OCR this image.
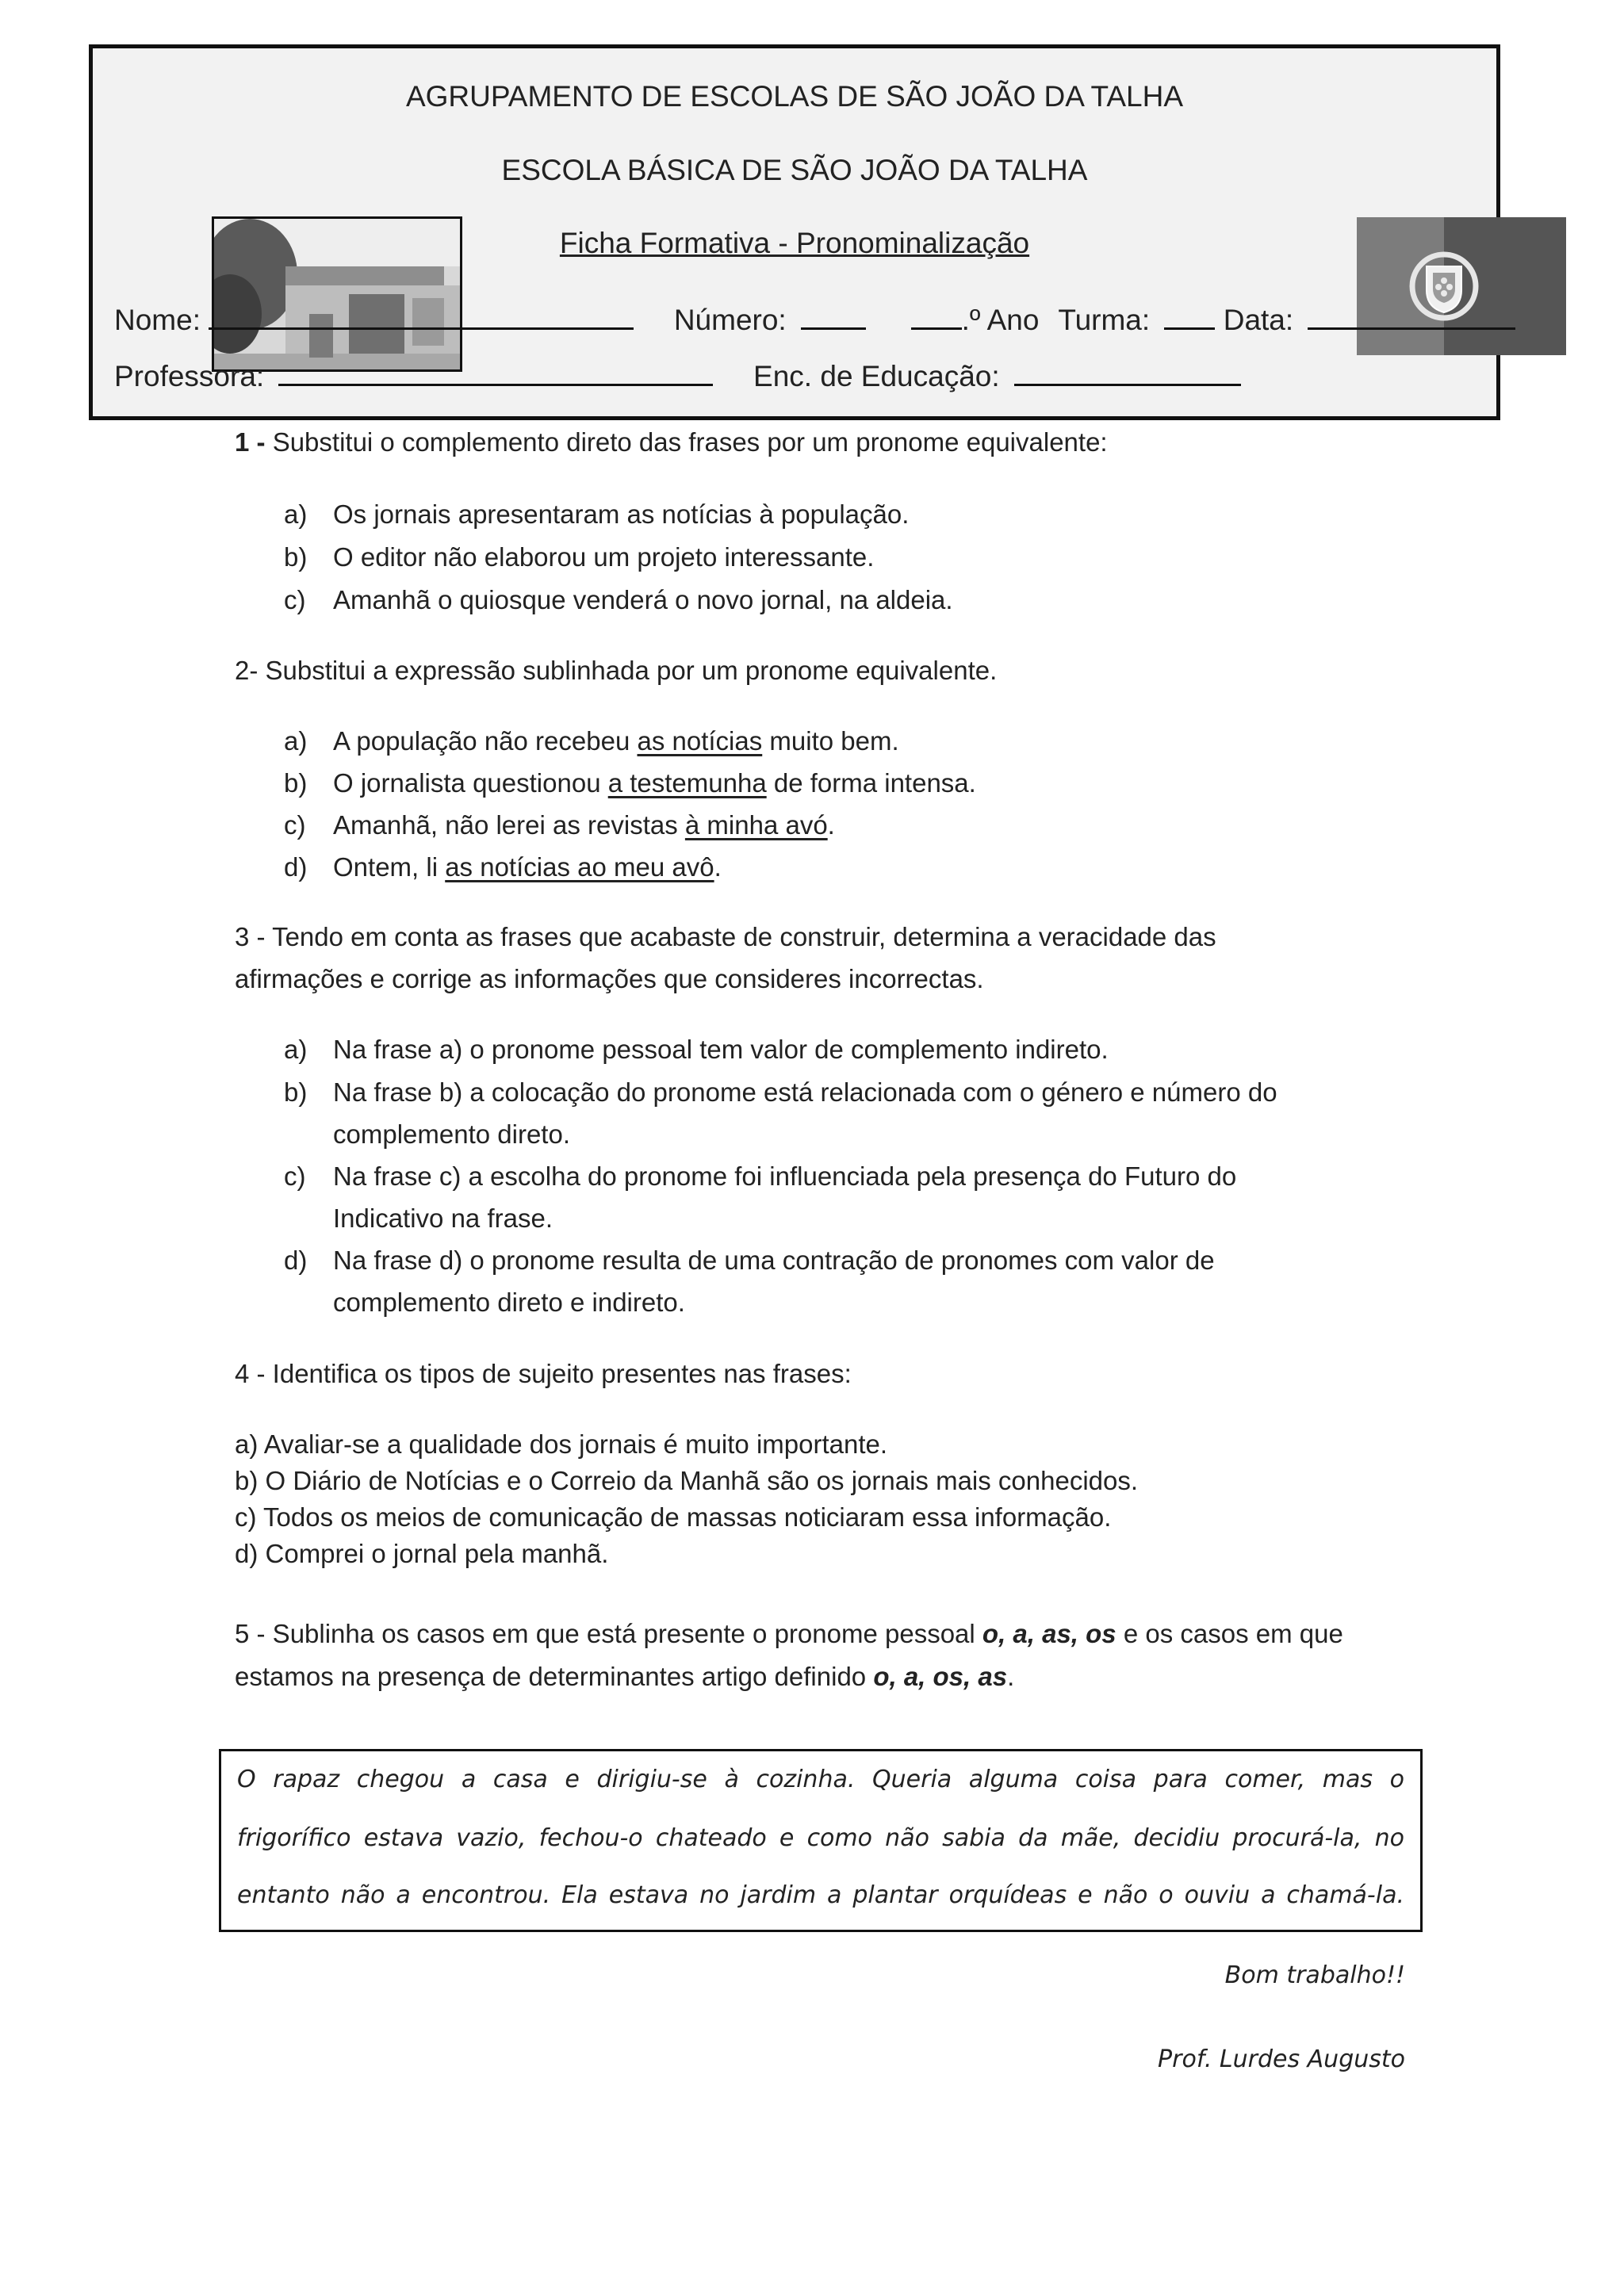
AGRUPAMENTO DE ESCOLAS DE SÃO JOÃO DA TALHA
ESCOLA BÁSICA DE SÃO JOÃO DA TALHA
Ficha Formativa - Pronominalização
Nome:	Número:	.º Ano Turma:	Data:
Professora:	Enc. de Educação:
1 - Substitui o complemento direto das frases por um pronome equivalente:
a) Os jornais apresentaram as notícias à população.
b) O editor não elaborou um projeto interessante.
c) Amanhã o quiosque venderá o novo jornal, na aldeia.
2- Substitui a expressão sublinhada por um pronome equivalente.
a) A população não recebeu as notícias muito bem.
b) O jornalista questionou a testemunha de forma intensa.
c) Amanhã, não lerei as revistas à minha avó.
d) Ontem, li as notícias ao meu avô.
3 - Tendo em conta as frases que acabaste de construir, determina a veracidade das
afirmações e corrige as informações que consideres incorrectas.
a) Na frase a) o pronome pessoal tem valor de complemento indireto.
b) Na frase b) a colocação do pronome está relacionada com o género e número do
complemento direto.
c) Na frase c) a escolha do pronome foi influenciada pela presença do Futuro do
Indicativo na frase.
d) Na frase d) o pronome resulta de uma contração de pronomes com valor de
complemento direto e indireto.
4 - Identifica os tipos de sujeito presentes nas frases:
a) Avaliar-se a qualidade dos jornais é muito importante.
b) O Diário de Notícias e o Correio da Manhã são os jornais mais conhecidos.
c) Todos os meios de comunicação de massas noticiaram essa informação.
d) Comprei o jornal pela manhã.
5 - Sublinha os casos em que está presente o pronome pessoal o, a, as, os e os casos em que
estamos na presença de determinantes artigo definido o, a, os, as.
O rapaz chegou a casa e dirigiu-se à cozinha. Queria alguma coisa para comer, mas o
frigorífico estava vazio, fechou-o chateado e como não sabia da mãe, decidiu procurá-la, no
entanto não a encontrou. Ela estava no jardim a plantar orquídeas e não o ouviu a chamá-la.
Bom trabalho!!
Prof. Lurdes Augusto
